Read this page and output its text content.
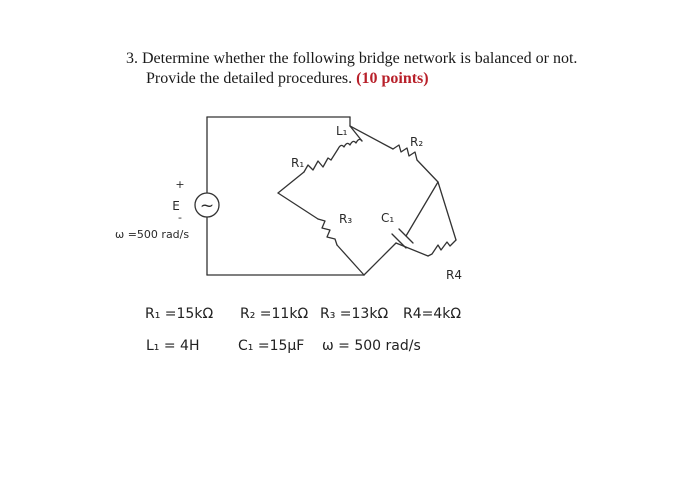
3. Determine whether the following bridge network is balanced or not.
Provide the detailed procedures. (10 points)
~
+
-
E
ω =500 rad/s
L₁
R₁
R₂
R₃ C₁
R4
R₁ =15kΩ R₂ =11kΩ R₃ =13kΩ R4=4kΩ
L₁ = 4H	C₁ =15μF ω = 500 rad/s
